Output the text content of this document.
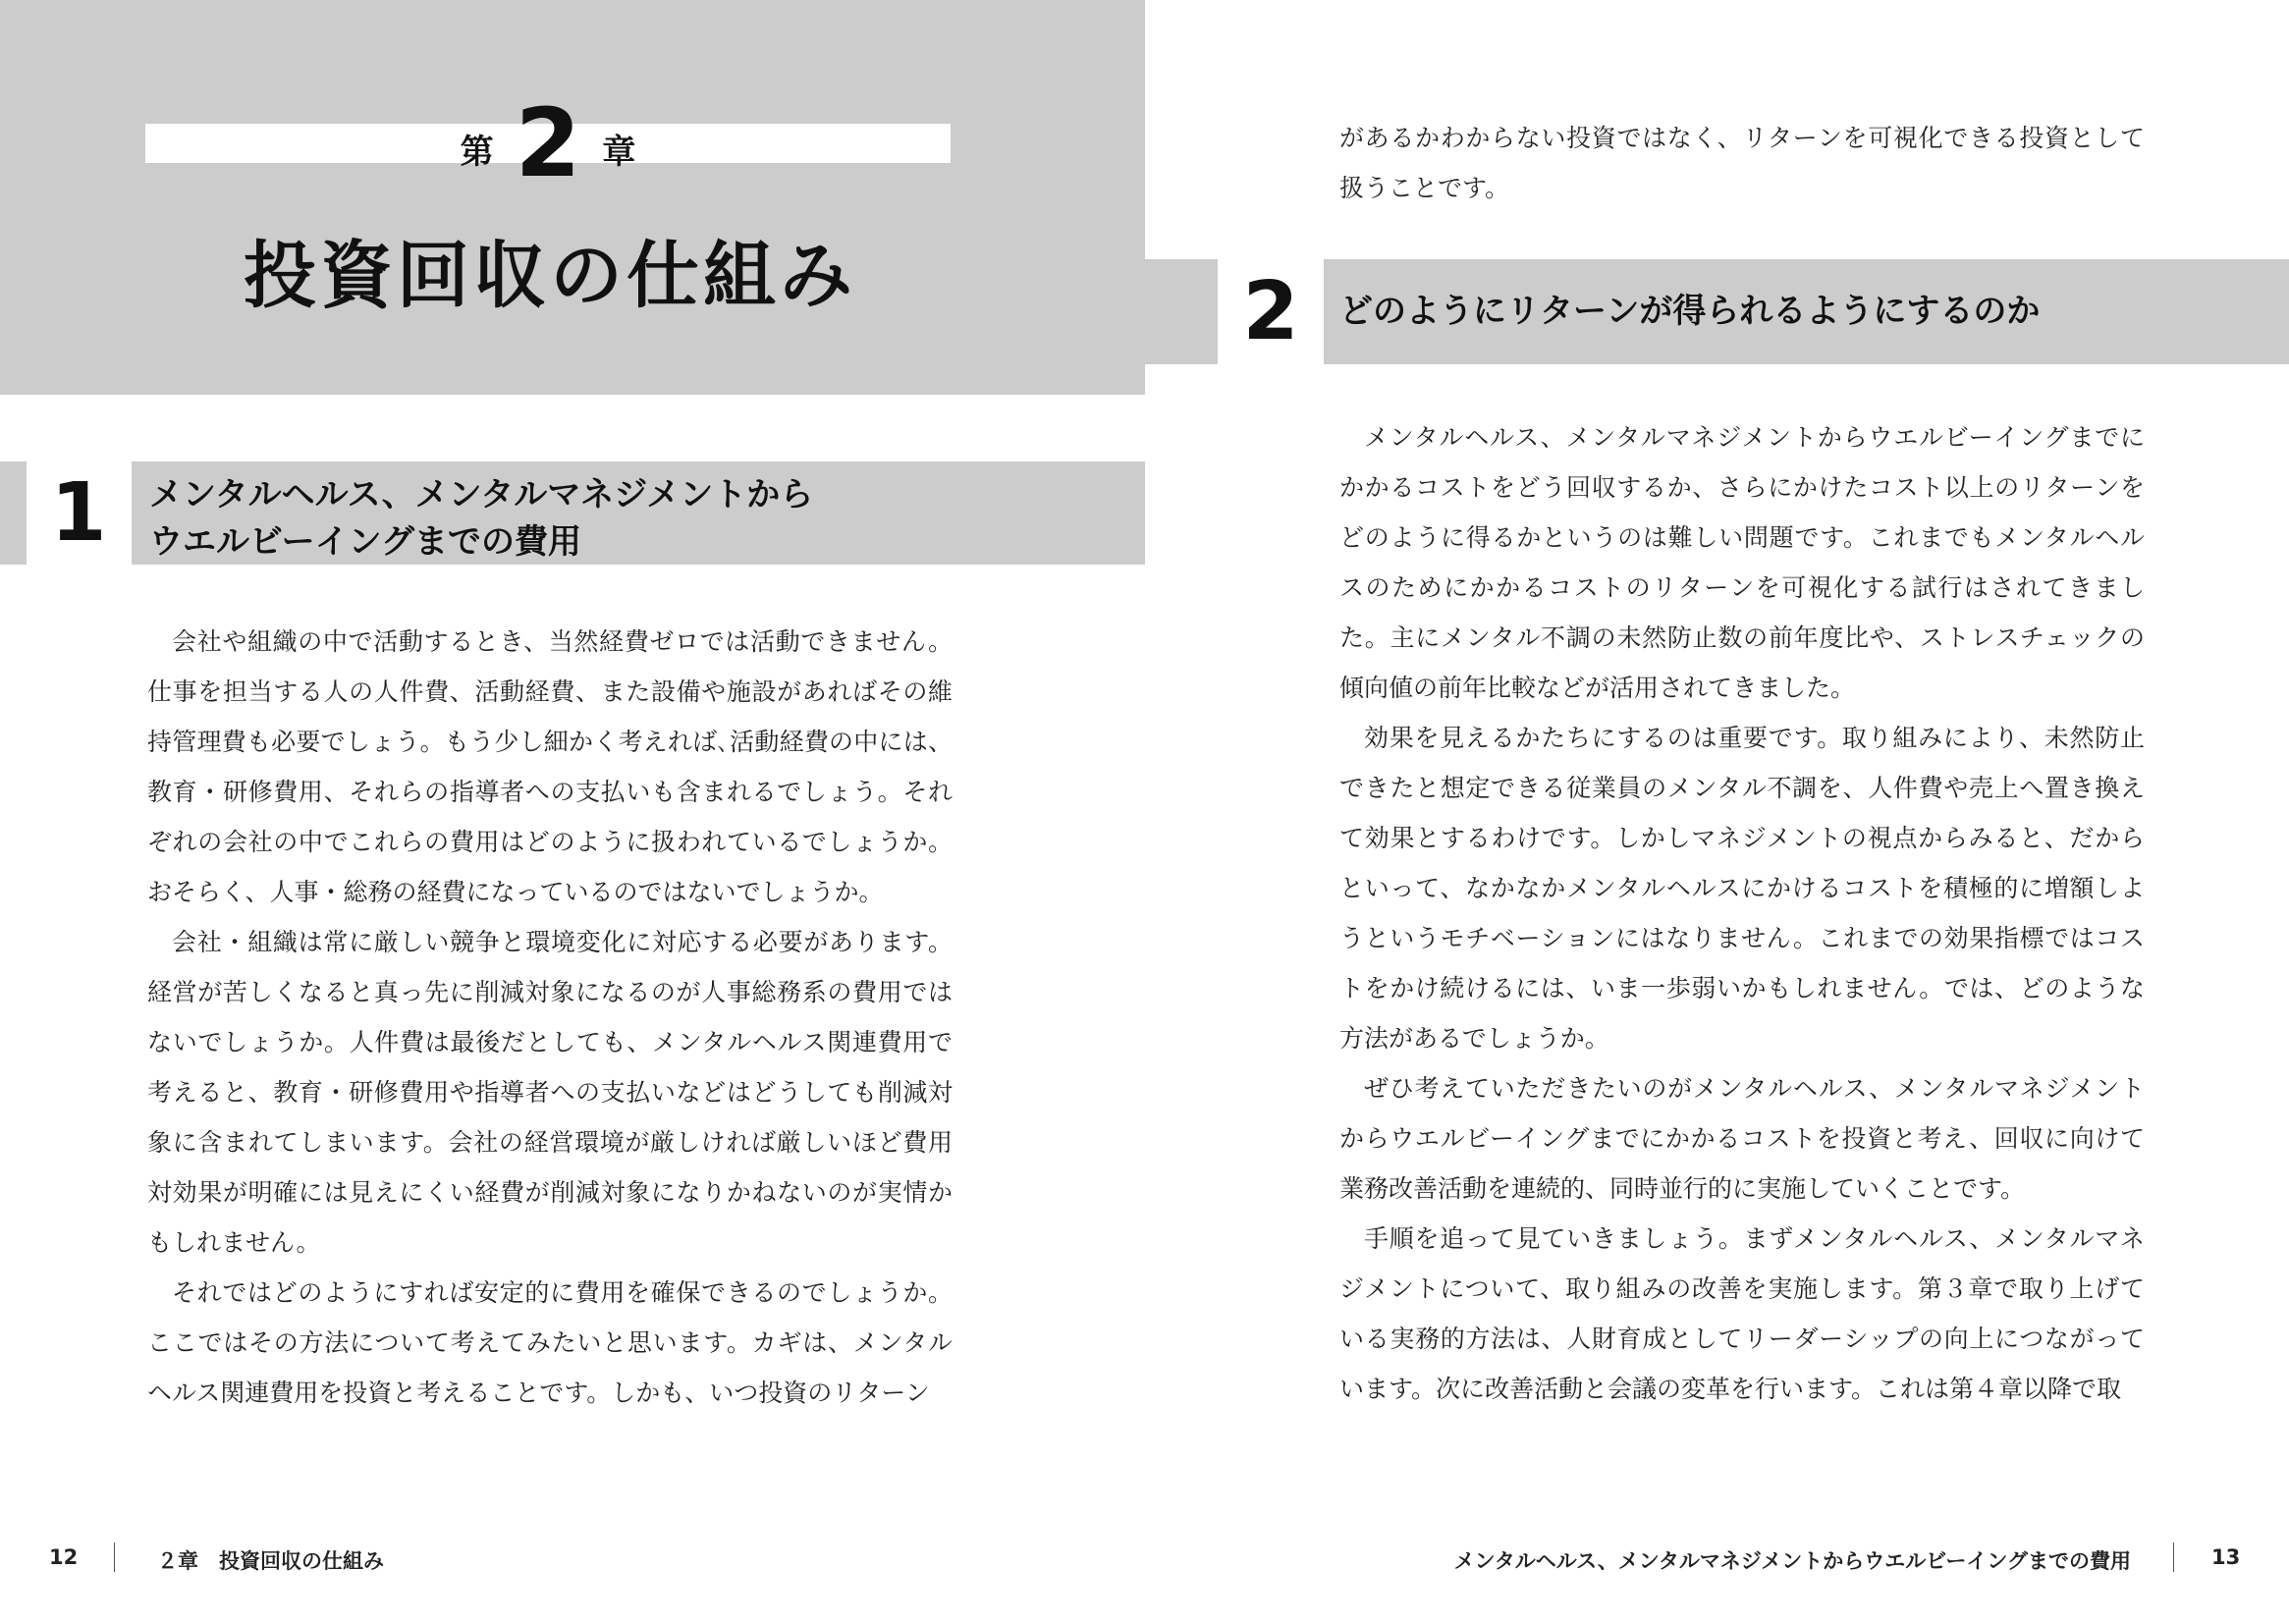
第 2 章
投資回収の仕組み
1	メンタルヘルス、メンタルマネジメントから
ウエルビーイングまでの費用

会社や組織の中で活動するとき、当然経費ゼロでは活動できません。仕事を担当する人の人件費、活動経費、また設備や施設があればその維持管理費も必要でしょう。もう少し細かく考えれば､活動経費の中には、教育・研修費用、それらの指導者への支払いも含まれるでしょう。それぞれの会社の中でこれらの費用はどのように扱われているでしょうか。おそらく、人事・総務の経費になっているのではないでしょうか。

会社・組織は常に厳しい競争と環境変化に対応する必要があります。経営が苦しくなると真っ先に削減対象になるのが人事総務系の費用ではないでしょうか。人件費は最後だとしても、メンタルヘルス関連費用で考えると、教育・研修費用や指導者への支払いなどはどうしても削減対象に含まれてしまいます。会社の経営環境が厳しければ厳しいほど費用対効果が明確には見えにくい経費が削減対象になりかねないのが実情かもしれません。

それではどのようにすれば安定的に費用を確保できるのでしょうか。ここではその方法について考えてみたいと思います。カギは、メンタルヘルス関連費用を投資と考えることです。しかも、いつ投資のリターン

があるかわからない投資ではなく、リターンを可視化できる投資として扱うことです。
2	どのようにリターンが得られるようにするのか

メンタルヘルス、メンタルマネジメントからウエルビーイングまでにかかるコストをどう回収するか、さらにかけたコスト以上のリターンをどのように得るかというのは難しい問題です。これまでもメンタルヘルスのためにかかるコストのリターンを可視化する試行はされてきました。主にメンタル不調の未然防止数の前年度比や、ストレスチェックの傾向値の前年比較などが活用されてきました。

効果を見えるかたちにするのは重要です。取り組みにより、未然防止できたと想定できる従業員のメンタル不調を、人件費や売上へ置き換えて効果とするわけです。しかしマネジメントの視点からみると、だからといって、なかなかメンタルヘルスにかけるコストを積極的に増額しようというモチベーションにはなりません。これまでの効果指標ではコストをかけ続けるには、いま一歩弱いかもしれません。では、どのような方法があるでしょうか。

ぜひ考えていただきたいのがメンタルヘルス、メンタルマネジメントからウエルビーイングまでにかかるコストを投資と考え、回収に向けて業務改善活動を連続的、同時並行的に実施していくことです。

手順を追って見ていきましょう。まずメンタルヘルス、メンタルマネジメントについて、取り組みの改善を実施します。第３章で取り上げている実務的方法は、人財育成としてリーダーシップの向上につながっています。次に改善活動と会議の変革を行います。これは第４章以降で取

12	２章　投資回収の仕組み	メンタルヘルス、メンタルマネジメントからウエルビーイングまでの費用	13
